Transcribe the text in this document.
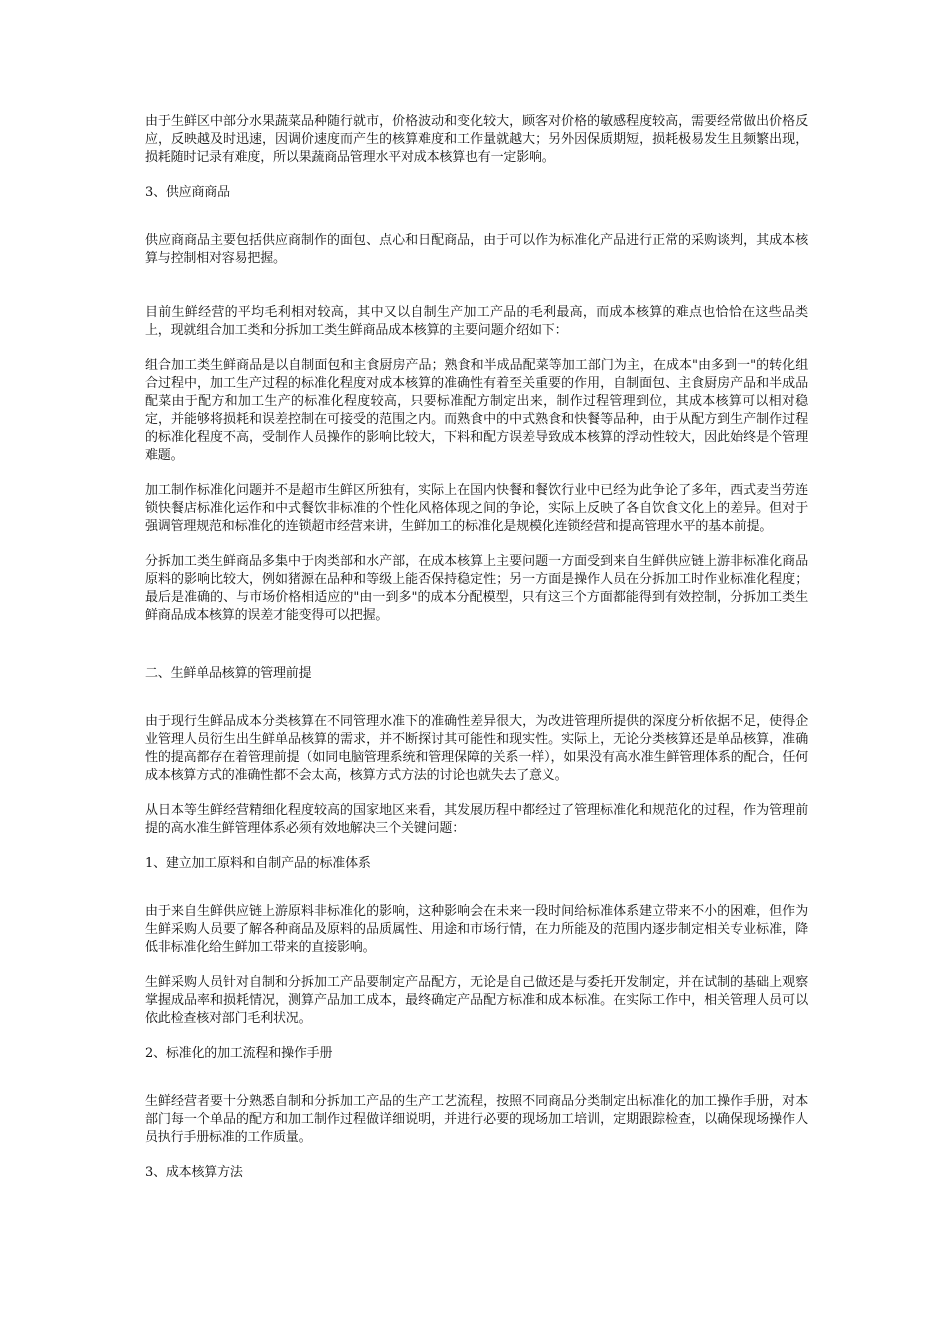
由于生鲜区中部分水果蔬菜品种随行就市，价格波动和变化较大，顾客对价格的敏感程度较高，需要经常做出价格反应，反映越及时迅速，因调价速度而产生的核算难度和工作量就越大；另外因保质期短，损耗极易发生且频繁出现，损耗随时记录有难度，所以果蔬商品管理水平对成本核算也有一定影响。

3、供应商商品

供应商商品主要包括供应商制作的面包、点心和日配商品，由于可以作为标准化产品进行正常的采购谈判，其成本核算与控制相对容易把握。

目前生鲜经营的平均毛利相对较高，其中又以自制生产加工产品的毛利最高，而成本核算的难点也恰恰在这些品类上，现就组合加工类和分拆加工类生鲜商品成本核算的主要问题介绍如下：

组合加工类生鲜商品是以自制面包和主食厨房产品；熟食和半成品配菜等加工部门为主，在成本"由多到一"的转化组合过程中，加工生产过程的标准化程度对成本核算的准确性有着至关重要的作用，自制面包、主食厨房产品和半成品配菜由于配方和加工生产的标准化程度较高，只要标准配方制定出来，制作过程管理到位，其成本核算可以相对稳定，并能够将损耗和误差控制在可接受的范围之内。而熟食中的中式熟食和快餐等品种，由于从配方到生产制作过程的标准化程度不高，受制作人员操作的影响比较大，下料和配方误差导致成本核算的浮动性较大，因此始终是个管理难题。

加工制作标准化问题并不是超市生鲜区所独有，实际上在国内快餐和餐饮行业中已经为此争论了多年，西式麦当劳连锁快餐店标准化运作和中式餐饮非标准的个性化风格体现之间的争论，实际上反映了各自饮食文化上的差异。但对于强调管理规范和标准化的连锁超市经营来讲，生鲜加工的标准化是规模化连锁经营和提高管理水平的基本前提。

分拆加工类生鲜商品多集中于肉类部和水产部，在成本核算上主要问题一方面受到来自生鲜供应链上游非标准化商品原料的影响比较大，例如猪源在品种和等级上能否保持稳定性；另一方面是操作人员在分拆加工时作业标准化程度；最后是准确的、与市场价格相适应的"由一到多"的成本分配模型，只有这三个方面都能得到有效控制，分拆加工类生鲜商品成本核算的误差才能变得可以把握。

二、生鲜单品核算的管理前提

由于现行生鲜品成本分类核算在不同管理水准下的准确性差异很大，为改进管理所提供的深度分析依据不足，使得企业管理人员衍生出生鲜单品核算的需求，并不断探讨其可能性和现实性。实际上，无论分类核算还是单品核算，准确性的提高都存在着管理前提（如同电脑管理系统和管理保障的关系一样），如果没有高水准生鲜管理体系的配合，任何成本核算方式的准确性都不会太高，核算方式方法的讨论也就失去了意义。

从日本等生鲜经营精细化程度较高的国家地区来看，其发展历程中都经过了管理标准化和规范化的过程，作为管理前提的高水准生鲜管理体系必须有效地解决三个关键问题：

1、建立加工原料和自制产品的标准体系

由于来自生鲜供应链上游原料非标准化的影响，这种影响会在未来一段时间给标准体系建立带来不小的困难，但作为生鲜采购人员要了解各种商品及原料的品质属性、用途和市场行情，在力所能及的范围内逐步制定相关专业标准，降低非标准化给生鲜加工带来的直接影响。

生鲜采购人员针对自制和分拆加工产品要制定产品配方，无论是自己做还是与委托开发制定，并在试制的基础上观察掌握成品率和损耗情况，测算产品加工成本，最终确定产品配方标准和成本标准。在实际工作中，相关管理人员可以依此检查核对部门毛利状况。

2、标准化的加工流程和操作手册

生鲜经营者要十分熟悉自制和分拆加工产品的生产工艺流程，按照不同商品分类制定出标准化的加工操作手册，对本部门每一个单品的配方和加工制作过程做详细说明，并进行必要的现场加工培训，定期跟踪检查，以确保现场操作人员执行手册标准的工作质量。

3、成本核算方法
